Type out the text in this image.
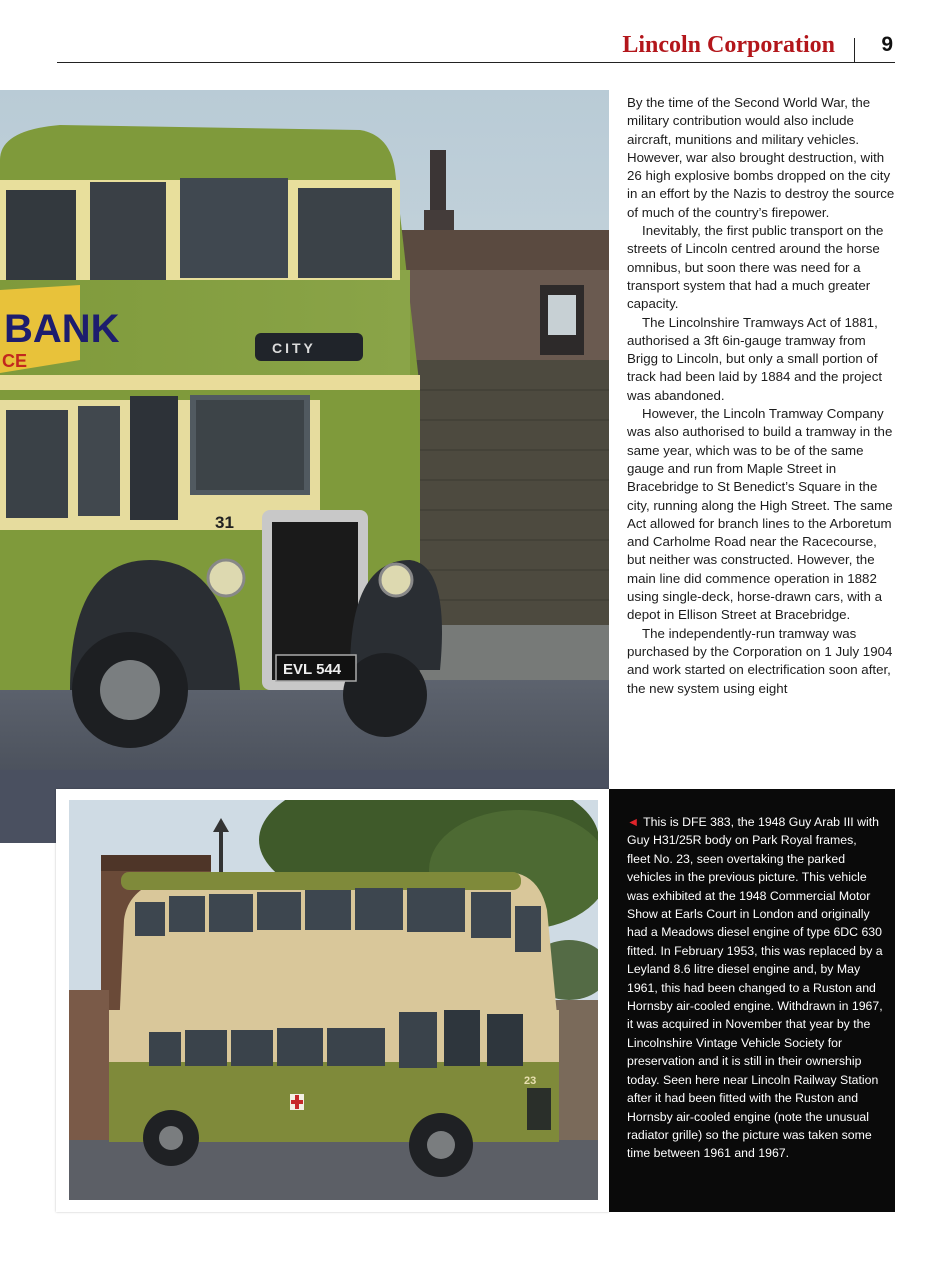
Lincoln Corporation 9
BANK
CE
CITY
31
EVL 544

By the time of the Second World War, the military contribution would also include aircraft, munitions and military vehicles. However, war also brought destruction, with 26 high explosive bombs dropped on the city in an effort by the Nazis to destroy the source of much of the country’s firepower.

Inevitably, the first public transport on the streets of Lincoln centred around the horse omnibus, but soon there was need for a transport system that had a much greater capacity.

The Lincolnshire Tramways Act of 1881, authorised a 3ft 6in-gauge tramway from Brigg to Lincoln, but only a small portion of track had been laid by 1884 and the project was abandoned.

However, the Lincoln Tramway Company was also authorised to build a tramway in the same year, which was to be of the same gauge and run from Maple Street in Bracebridge to St Benedict’s Square in the city, running along the High Street. The same Act allowed for branch lines to the Arboretum and Carholme Road near the Racecourse, but neither was constructed. However, the main line did commence operation in 1882 using single-deck, horse-drawn cars, with a depot in Ellison Street at Bracebridge.

The independently-run tramway was purchased by the Corporation on 1 July 1904 and work started on electrification soon after, the new system using eight

23
◄ This is DFE 383, the 1948 Guy Arab III with Guy H31/25R body on Park Royal frames, fleet No. 23, seen overtaking the parked vehicles in the previous picture. This vehicle was exhibited at the 1948 Commercial Motor Show at Earls Court in London and originally had a Meadows diesel engine of type 6DC 630 fitted. In February 1953, this was replaced by a Leyland 8.6 litre diesel engine and, by May 1961, this had been changed to a Ruston and Hornsby air-cooled engine. Withdrawn in 1967, it was acquired in November that year by the Lincolnshire Vintage Vehicle Society for preservation and it is still in their ownership today. Seen here near Lincoln Railway Station after it had been fitted with the Ruston and Hornsby air-cooled engine (note the unusual radiator grille) so the picture was taken some time between 1961 and 1967.
